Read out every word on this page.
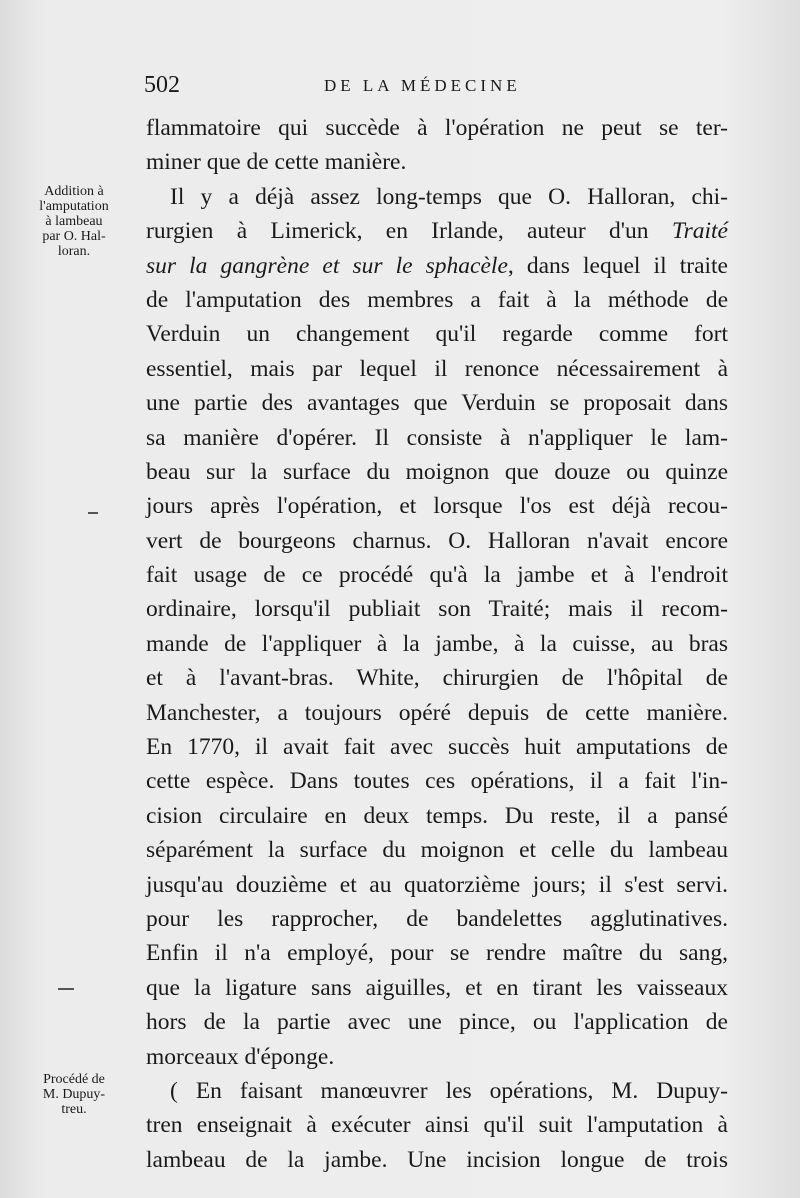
502	DE LA MÉDECINE
Addition à
l'amputation
à lambeau
par O. Hal-
loran.
Procédé de
M. Dupuy-
treu.
flammatoire qui succède à l'opération ne peut se ter-
miner que de cette manière.
Il y a déjà assez long-temps que O. Halloran, chi-
rurgien à Limerick, en Irlande, auteur d'un Traité
sur la gangrène et sur le sphacèle, dans lequel il traite
de l'amputation des membres a fait à la méthode de
Verduin un changement qu'il regarde comme fort
essentiel, mais par lequel il renonce nécessairement à
une partie des avantages que Verduin se proposait dans
sa manière d'opérer. Il consiste à n'appliquer le lam-
beau sur la surface du moignon que douze ou quinze
jours après l'opération, et lorsque l'os est déjà recou-
vert de bourgeons charnus. O. Halloran n'avait encore
fait usage de ce procédé qu'à la jambe et à l'endroit
ordinaire, lorsqu'il publiait son Traité; mais il recom-
mande de l'appliquer à la jambe, à la cuisse, au bras
et à l'avant-bras. White, chirurgien de l'hôpital de
Manchester, a toujours opéré depuis de cette manière.
En 1770, il avait fait avec succès huit amputations de
cette espèce. Dans toutes ces opérations, il a fait l'in-
cision circulaire en deux temps. Du reste, il a pansé
séparément la surface du moignon et celle du lambeau
jusqu'au douzième et au quatorzième jours; il s'est servi.
pour les rapprocher, de bandelettes agglutinatives.
Enfin il n'a employé, pour se rendre maître du sang,
que la ligature sans aiguilles, et en tirant les vaisseaux
hors de la partie avec une pince, ou l'application de
morceaux d'éponge.
( En faisant manœuvrer les opérations, M. Dupuy-
tren enseignait à exécuter ainsi qu'il suit l'amputation à
lambeau de la jambe. Une incision longue de trois
